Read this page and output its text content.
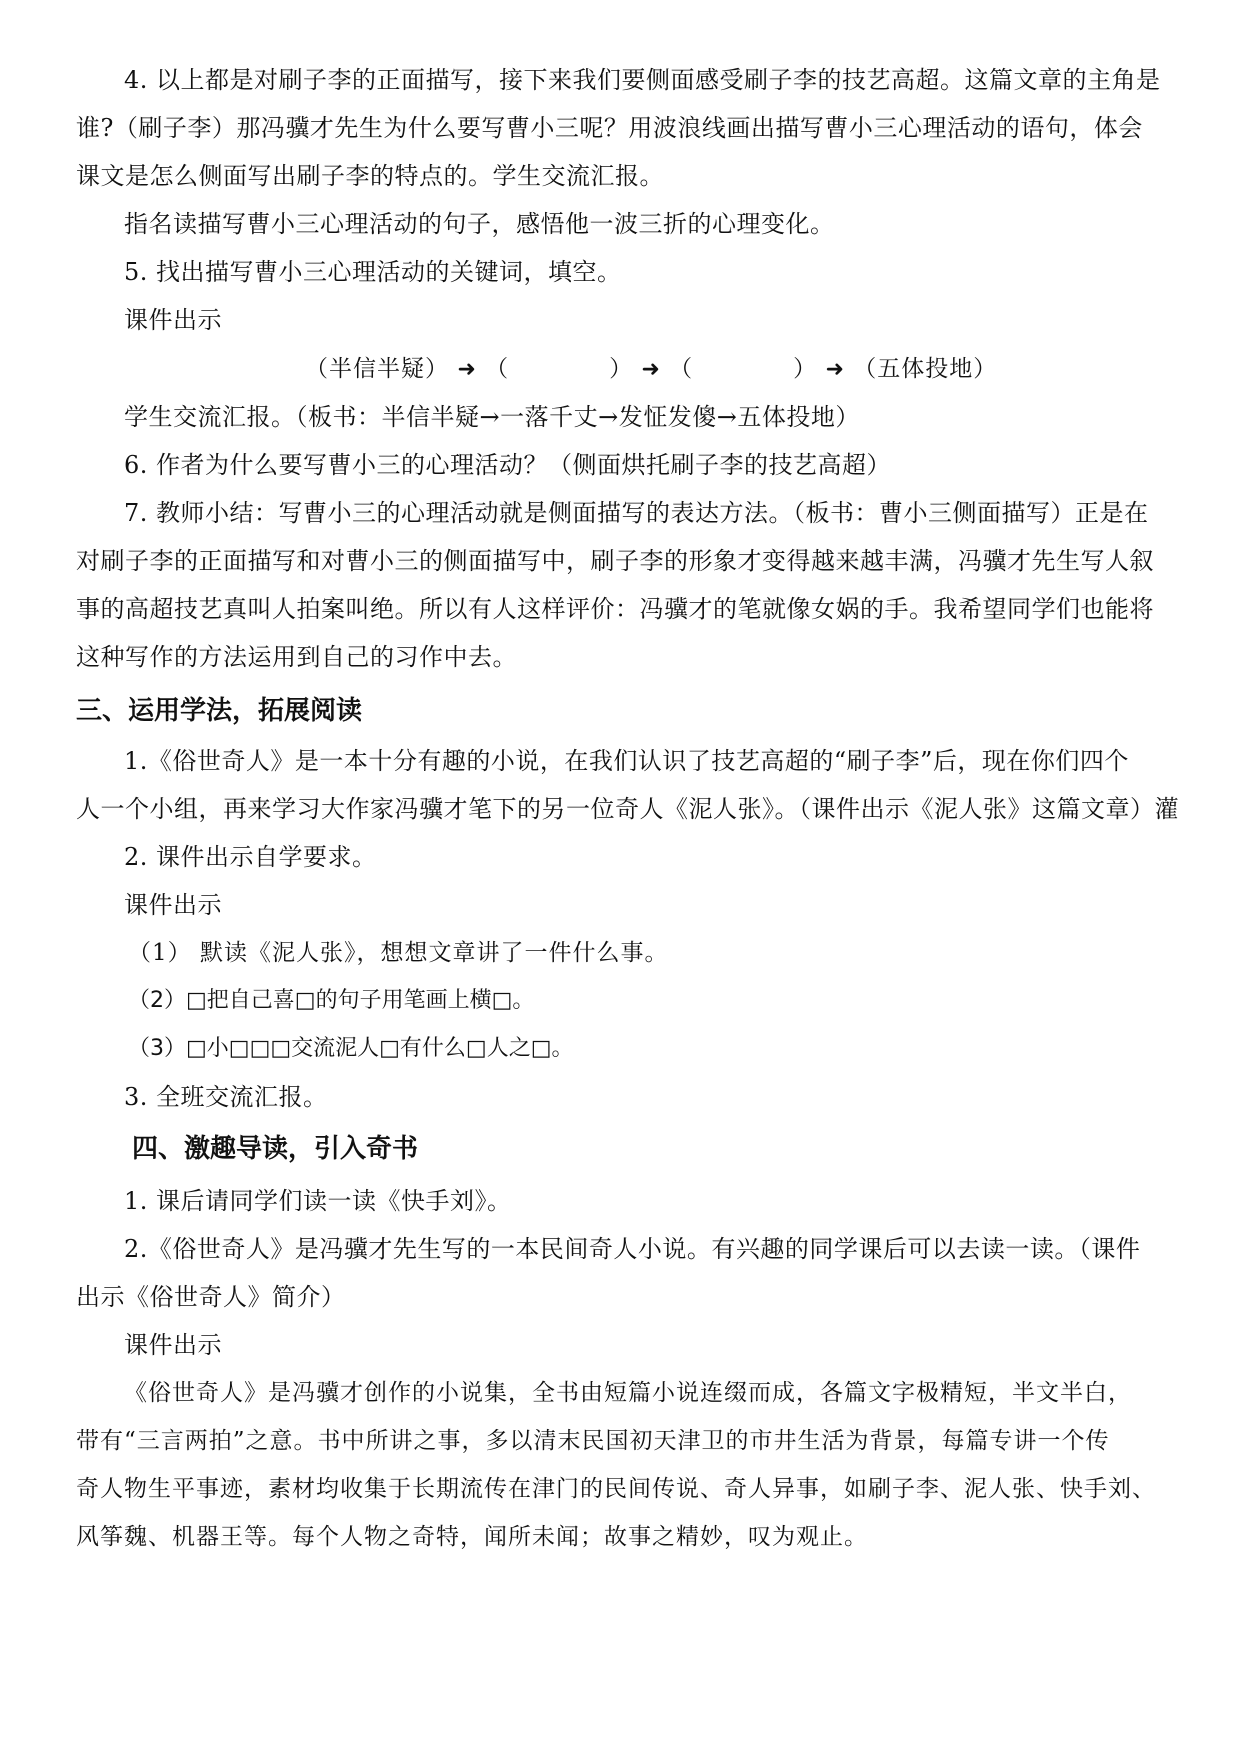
4. 以上都是对刷子李的正面描写，接下来我们要侧面感受刷子李的技艺高超。这篇文章的主角是
谁?（刷子李）那冯骥才先生为什么要写曹小三呢？用波浪线画出描写曹小三心理活动的语句，体会
课文是怎么侧面写出刷子李的特点的。学生交流汇报。
指名读描写曹小三心理活动的句子，感悟他一波三折的心理变化。
5. 找出描写曹小三心理活动的关键词，填空。
课件出示
（半信半疑） ➜ （	） ➜ （	） ➜ （五体投地）
学生交流汇报。（板书：半信半疑→一落千丈→发怔发傻→五体投地）
6. 作者为什么要写曹小三的心理活动？（侧面烘托刷子李的技艺高超）
7. 教师小结：写曹小三的心理活动就是侧面描写的表达方法。（板书：曹小三侧面描写）正是在
对刷子李的正面描写和对曹小三的侧面描写中，刷子李的形象才变得越来越丰满，冯骥才先生写人叙
事的高超技艺真叫人拍案叫绝。所以有人这样评价：冯骥才的笔就像女娲的手。我希望同学们也能将
这种写作的方法运用到自己的习作中去。
三、运用学法，拓展阅读
1.《俗世奇人》是一本十分有趣的小说，在我们认识了技艺高超的“刷子李”后，现在你们四个
人一个小组，再来学习大作家冯骥才笔下的另一位奇人《泥人张》。（课件出示《泥人张》这篇文章）灌
2. 课件出示自学要求。
课件出示
（1） 默读《泥人张》，想想文章讲了一件什么事。
（2）□把自己喜□的句子用笔画上横□。
（3）□小□□□交流泥人□有什么□人之□。
3. 全班交流汇报。
四、激趣导读，引入奇书
1. 课后请同学们读一读《快手刘》。
2.《俗世奇人》是冯骥才先生写的一本民间奇人小说。有兴趣的同学课后可以去读一读。（课件
出示《俗世奇人》简介）
课件出示
《俗世奇人》是冯骥才创作的小说集，全书由短篇小说连缀而成，各篇文字极精短，半文半白，
带有“三言两拍”之意。书中所讲之事，多以清末民国初天津卫的市井生活为背景，每篇专讲一个传
奇人物生平事迹，素材均收集于长期流传在津门的民间传说、奇人异事，如刷子李、泥人张、快手刘、
风筝魏、机器王等。每个人物之奇特，闻所未闻；故事之精妙，叹为观止。
